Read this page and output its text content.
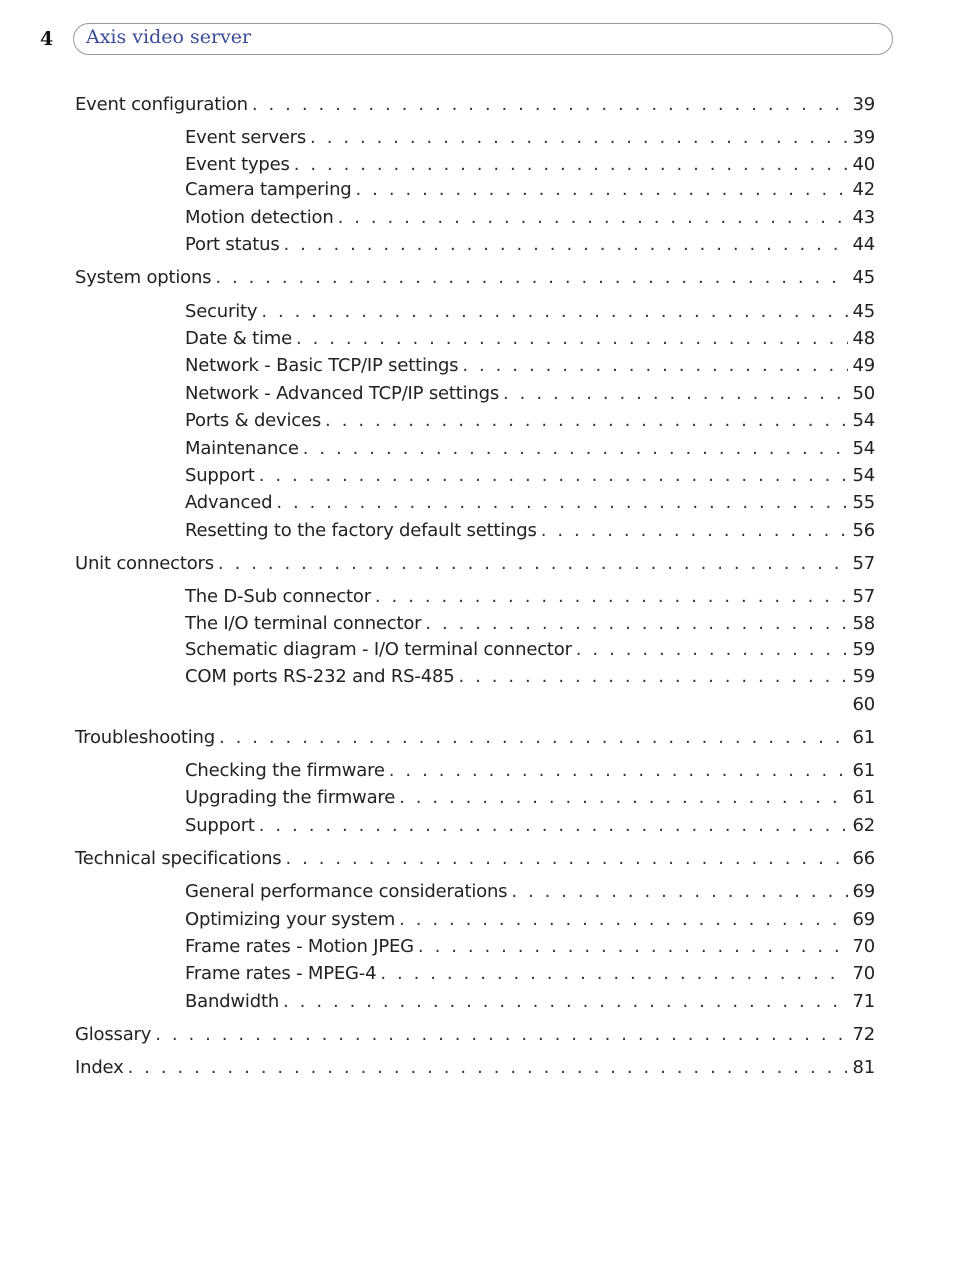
4 Axis video server
Event configuration . . .	39
Event servers . . .	39
Event types . . .	40
Camera tampering . . .	42
Motion detection . . .	43
Port status . . .	44
System options . . .	45
Security . . .	45
Date & time . . .	48
Network - Basic TCP/IP settings . . .	49
Network - Advanced TCP/IP settings . . .	50
Ports & devices . . .	54
Maintenance . . .	54
Support . . .	54
Advanced . . .	55
Resetting to the factory default settings . . .	56
Unit connectors . . .	57
The D-Sub connector . . .	57
The I/O terminal connector . . .	58
Schematic diagram - I/O terminal connector . . .	59
COM ports RS-232 and RS-485 . . .	59
60
Troubleshooting . . .	61
Checking the firmware . . .	61
Upgrading the firmware . . .	61
Support . . .	62
Technical specifications . . .	66
General performance considerations . . .	69
Optimizing your system . . .	69
Frame rates - Motion JPEG . . .	70
Frame rates - MPEG-4 . . .	70
Bandwidth . . .	71
Glossary . . .	72
Index . . .	81
